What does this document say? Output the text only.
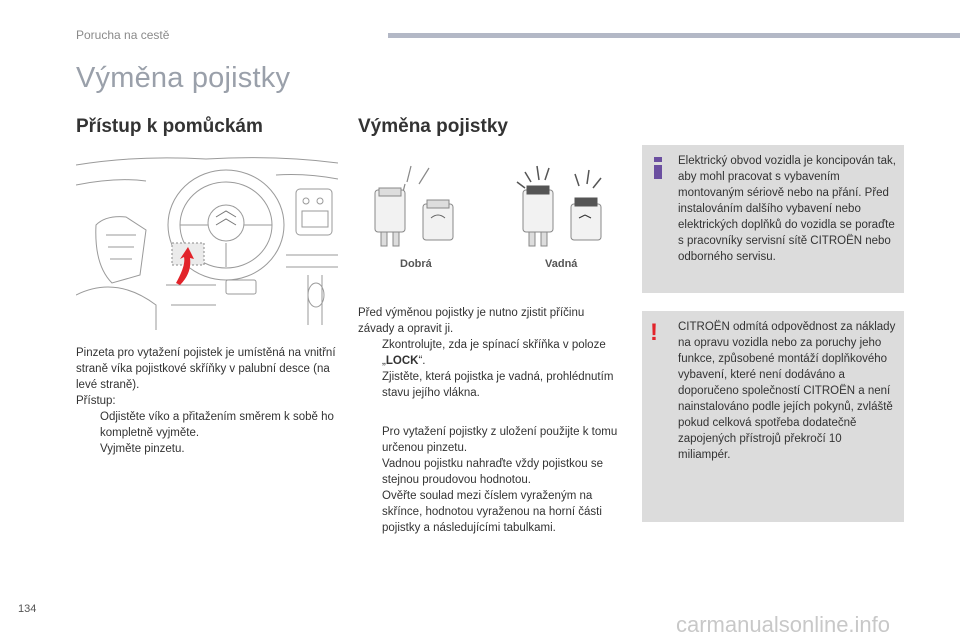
Porucha na cestě
Výměna pojistky
Přístup k pomůckám	Výměna pojistky
Dobrá	Vadná

Pinzeta pro vytažení pojistek je umístěná na vnitřní straně víka pojistkové skříňky v palubní desce (na levé straně).

Přístup:

Odjistěte víko a přitažením směrem k sobě ho kompletně vyjměte.
Vyjměte pinzetu.

Před výměnou pojistky je nutno zjistit příčinu závady a opravit ji.

Zkontrolujte, zda je spínací skříňka v poloze „LOCK“.
Zjistěte, která pojistka je vadná, prohlédnutím stavu jejího vlákna.
Pro vytažení pojistky z uložení použijte k tomu určenou pinzetu.
Vadnou pojistku nahraďte vždy pojistkou se stejnou proudovou hodnotou.
Ověřte soulad mezi číslem vyraženým na skřínce, hodnotou vyraženou na horní části pojistky a následujícími tabulkami.
Elektrický obvod vozidla je koncipován tak, aby mohl pracovat s vybavením montovaným sériově nebo na přání. Před instalováním dalšího vybavení nebo elektrických doplňků do vozidla se poraďte s pracovníky servisní sítě CITROËN nebo odborného servisu.
! CITROËN odmítá odpovědnost za náklady na opravu vozidla nebo za poruchy jeho funkce, způsobené montáží doplňkového vybavení, které není dodáváno a doporučeno společností CITROËN a není nainstalováno podle jejích pokynů, zvláště pokud celková spotřeba dodatečně zapojených přístrojů překročí 10 miliampér.
134
carmanualsonline.info
